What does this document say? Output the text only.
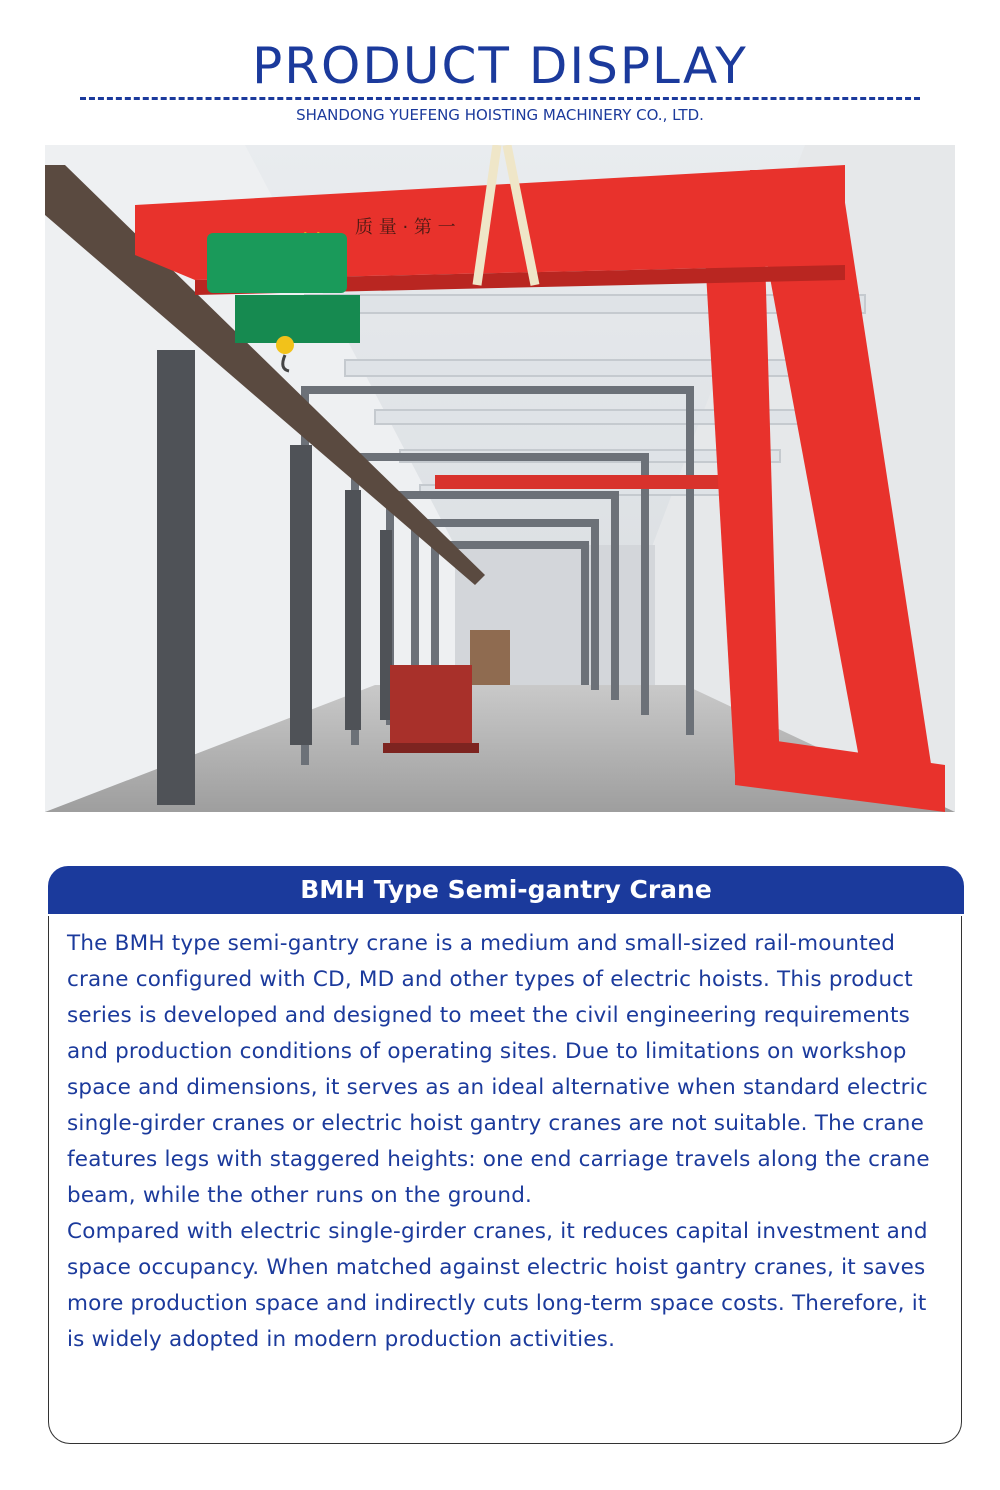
PRODUCT DISPLAY
SHANDONG YUEFENG HOISTING MACHINERY CO., LTD.
质 量 · 第 一
BMH Type Semi-gantry Crane

The BMH type semi-gantry crane is a medium and small-sized rail-mounted crane configured with CD, MD and other types of electric hoists. This product series is developed and designed to meet the civil engineering requirements and production conditions of operating sites. Due to limitations on workshop space and dimensions, it serves as an ideal alternative when standard electric single-girder cranes or electric hoist gantry cranes are not suitable. The crane features legs with staggered heights: one end carriage travels along the crane beam, while the other runs on the ground.

Compared with electric single-girder cranes, it reduces capital investment and space occupancy. When matched against electric hoist gantry cranes, it saves more production space and indirectly cuts long-term space costs. Therefore, it is widely adopted in modern production activities.
